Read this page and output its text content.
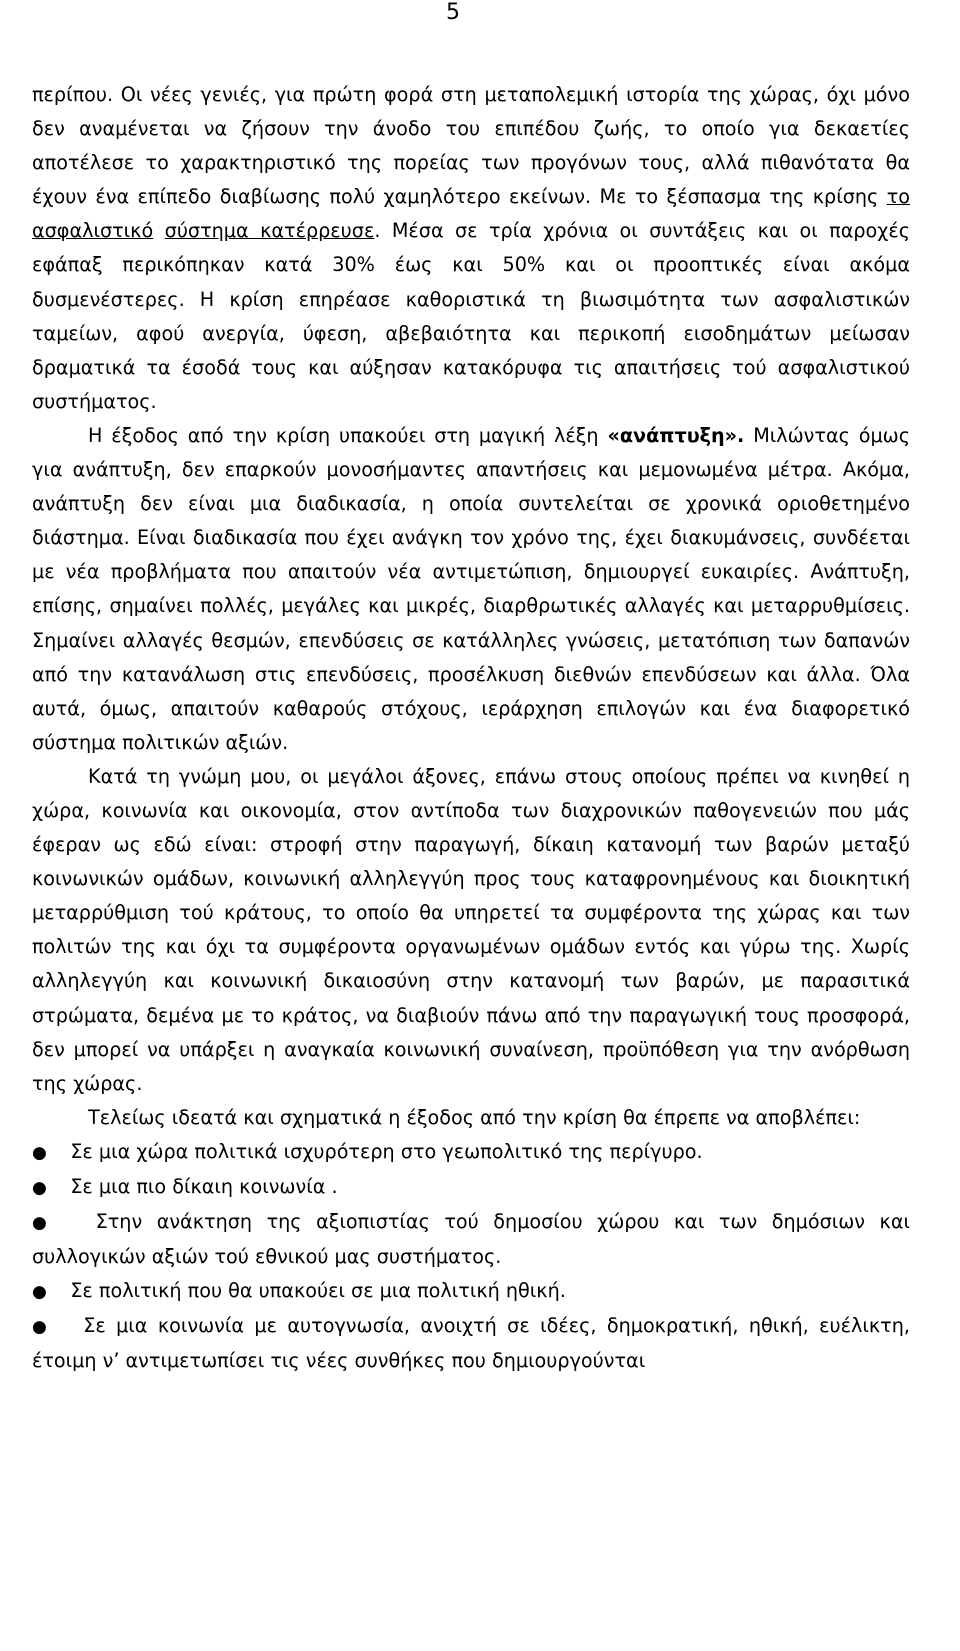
5

περίπου. Οι νέες γενιές, για πρώτη φορά στη μεταπολεμική ιστορία της χώρας, όχι μόνο δεν αναμένεται να ζήσουν την άνοδο του επιπέδου ζωής, το οποίο για δεκαετίες αποτέλεσε το χαρακτηριστικό της πορείας των προγόνων τους, αλλά πιθανότατα θα έχουν ένα επίπεδο διαβίωσης πολύ χαμηλότερο εκείνων. Με το ξέσπασμα της κρίσης το ασφαλιστικό σύστημα κατέρρευσε. Μέσα σε τρία χρόνια οι συντάξεις και οι παροχές εφάπαξ περικόπηκαν κατά 30% έως και 50% και οι προοπτικές είναι ακόμα δυσμενέστερες. Η κρίση επηρέασε καθοριστικά τη βιωσιμότητα των ασφαλιστικών ταμείων, αφού ανεργία, ύφεση, αβεβαιότητα και περικοπή εισοδημάτων μείωσαν δραματικά τα έσοδά τους και αύξησαν κατακόρυφα τις απαιτήσεις τού ασφαλιστικού συστήματος.

Η έξοδος από την κρίση υπακούει στη μαγική λέξη «ανάπτυξη». Μιλώντας όμως για ανάπτυξη, δεν επαρκούν μονοσήμαντες απαντήσεις και μεμονωμένα μέτρα. Ακόμα, ανάπτυξη δεν είναι μια διαδικασία, η οποία συντελείται σε χρονικά οριοθετημένο διάστημα. Είναι διαδικασία που έχει ανάγκη τον χρόνο της, έχει διακυμάνσεις, συνδέεται με νέα προβλήματα που απαιτούν νέα αντιμετώπιση, δημιουργεί ευκαιρίες. Ανάπτυξη, επίσης, σημαίνει πολλές, μεγάλες και μικρές, διαρθρωτικές αλλαγές και μεταρρυθμίσεις. Σημαίνει αλλαγές θεσμών, επενδύσεις σε κατάλληλες γνώσεις, μετατόπιση των δαπανών από την κατανάλωση στις επενδύσεις, προσέλκυση διεθνών επενδύσεων και άλλα. Όλα αυτά, όμως, απαιτούν καθαρούς στόχους, ιεράρχηση επιλογών και ένα διαφορετικό σύστημα πολιτικών αξιών.

Κατά τη γνώμη μου, οι μεγάλοι άξονες, επάνω στους οποίους πρέπει να κινηθεί η χώρα, κοινωνία και οικονομία, στον αντίποδα των διαχρονικών παθογενειών που μάς έφεραν ως εδώ είναι: στροφή στην παραγωγή, δίκαιη κατανομή των βαρών μεταξύ κοινωνικών ομάδων, κοινωνική αλληλεγγύη προς τους καταφρονημένους και διοικητική μεταρρύθμιση τού κράτους, το οποίο θα υπηρετεί τα συμφέροντα της χώρας και των πολιτών της και όχι τα συμφέροντα οργανωμένων ομάδων εντός και γύρω της. Χωρίς αλληλεγγύη και κοινωνική δικαιοσύνη στην κατανομή των βαρών, με παρασιτικά στρώματα, δεμένα με το κράτος, να διαβιούν πάνω από την παραγωγική τους προσφορά, δεν μπορεί να υπάρξει η αναγκαία κοινωνική συναίνεση, προϋπόθεση για την ανόρθωση της χώρας.

Τελείως ιδεατά και σχηματικά η έξοδος από την κρίση θα έπρεπε να αποβλέπει:

● Σε μια χώρα πολιτικά ισχυρότερη στο γεωπολιτικό της περίγυρο.
● Σε μια πιο δίκαιη κοινωνία .
●	Στην ανάκτηση της αξιοπιστίας τού δημοσίου χώρου και των δημόσιων και συλλογικών αξιών τού εθνικού μας συστήματος.
● Σε πολιτική που θα υπακούει σε μια πολιτική ηθική.
● Σε μια κοινωνία με αυτογνωσία, ανοιχτή σε ιδέες, δημοκρατική, ηθική, ευέλικτη, έτοιμη ν’ αντιμετωπίσει τις νέες συνθήκες που δημιουργούνται
